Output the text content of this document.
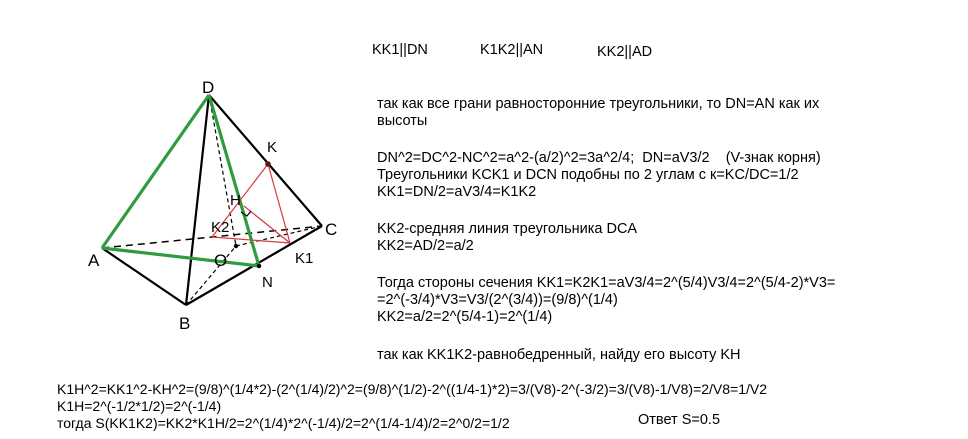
KK1||DN	K1K2||AN	KK2||AD
D
A
B
C
K
H
K2
O
N
K1
так как все грани равносторонние треугольники, то DN=AN как их
высоты
DN^2=DC^2-NC^2=a^2-(a/2)^2=3a^2/4;  DN=aV3/2    (V-знак корня)
Треугольники KCK1 и DCN подобны по 2 углам с к=KC/DC=1/2
KK1=DN/2=aV3/4=K1K2
KK2-средняя линия треугольника DCA
KK2=AD/2=a/2
Тогда стороны сечения KK1=K2K1=aV3/4=2^(5/4)V3/4=2^(5/4-2)*V3=
=2^(-3/4)*V3=V3/(2^(3/4))=(9/8)^(1/4)
KK2=a/2=2^(5/4-1)=2^(1/4)
так как KK1K2-равнобедренный, найду его высоту KH
K1H^2=KK1^2-KH^2=(9/8)^(1/4*2)-(2^(1/4)/2)^2=(9/8)^(1/2)-2^((1/4-1)*2)=3/(V8)-2^(-3/2)=3/(V8)-1/V8)=2/V8=1/V2
K1H=2^(-1/2*1/2)=2^(-1/4)
тогда S(KK1K2)=KK2*K1H/2=2^(1/4)*2^(-1/4)/2=2^(1/4-1/4)/2=2^0/2=1/2	Ответ S=0.5
